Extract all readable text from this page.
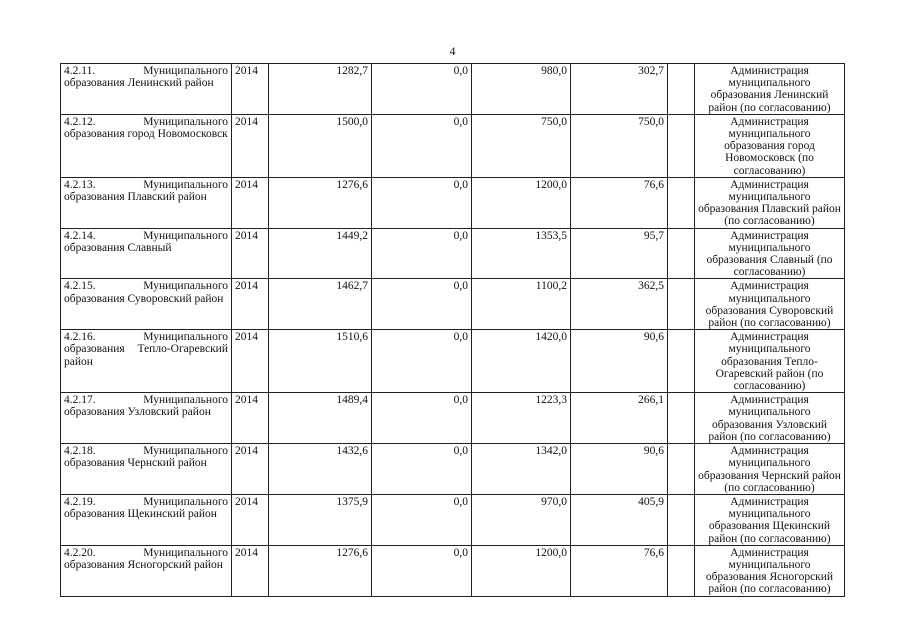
4
4.2.11. Муниципального образования Ленинский район	2014	1282,7	0,0	980,0	302,7		Администрация муниципального образования Ленинский район (по согласованию)
4.2.12. Муниципального образования город Новомосковск	2014	1500,0	0,0	750,0	750,0		Администрация муниципального образования город Новомосковск (по согласованию)
4.2.13. Муниципального образования Плавский район	2014	1276,6	0,0	1200,0	76,6		Администрация муниципального образования Плавский район (по согласованию)
4.2.14. Муниципального образования Славный	2014	1449,2	0,0	1353,5	95,7		Администрация муниципального образования Славный (по согласованию)
4.2.15. Муниципального образования Суворовский район	2014	1462,7	0,0	1100,2	362,5		Администрация муниципального образования Суворовский район (по согласованию)
4.2.16. Муниципального образования Тепло-Огаревский район	2014	1510,6	0,0	1420,0	90,6		Администрация муниципального образования Тепло-Огаревский район (по согласованию)
4.2.17. Муниципального образования Узловский район	2014	1489,4	0,0	1223,3	266,1		Администрация муниципального образования Узловский район (по согласованию)
4.2.18. Муниципального образования Чернский район	2014	1432,6	0,0	1342,0	90,6		Администрация муниципального образования Чернский район (по согласованию)
4.2.19. Муниципального образования Щекинский район	2014	1375,9	0,0	970,0	405,9		Администрация муниципального образования Щекинский район (по согласованию)
4.2.20. Муниципального образования Ясногорский район	2014	1276,6	0,0	1200,0	76,6		Администрация муниципального образования Ясногорский район (по согласованию)
